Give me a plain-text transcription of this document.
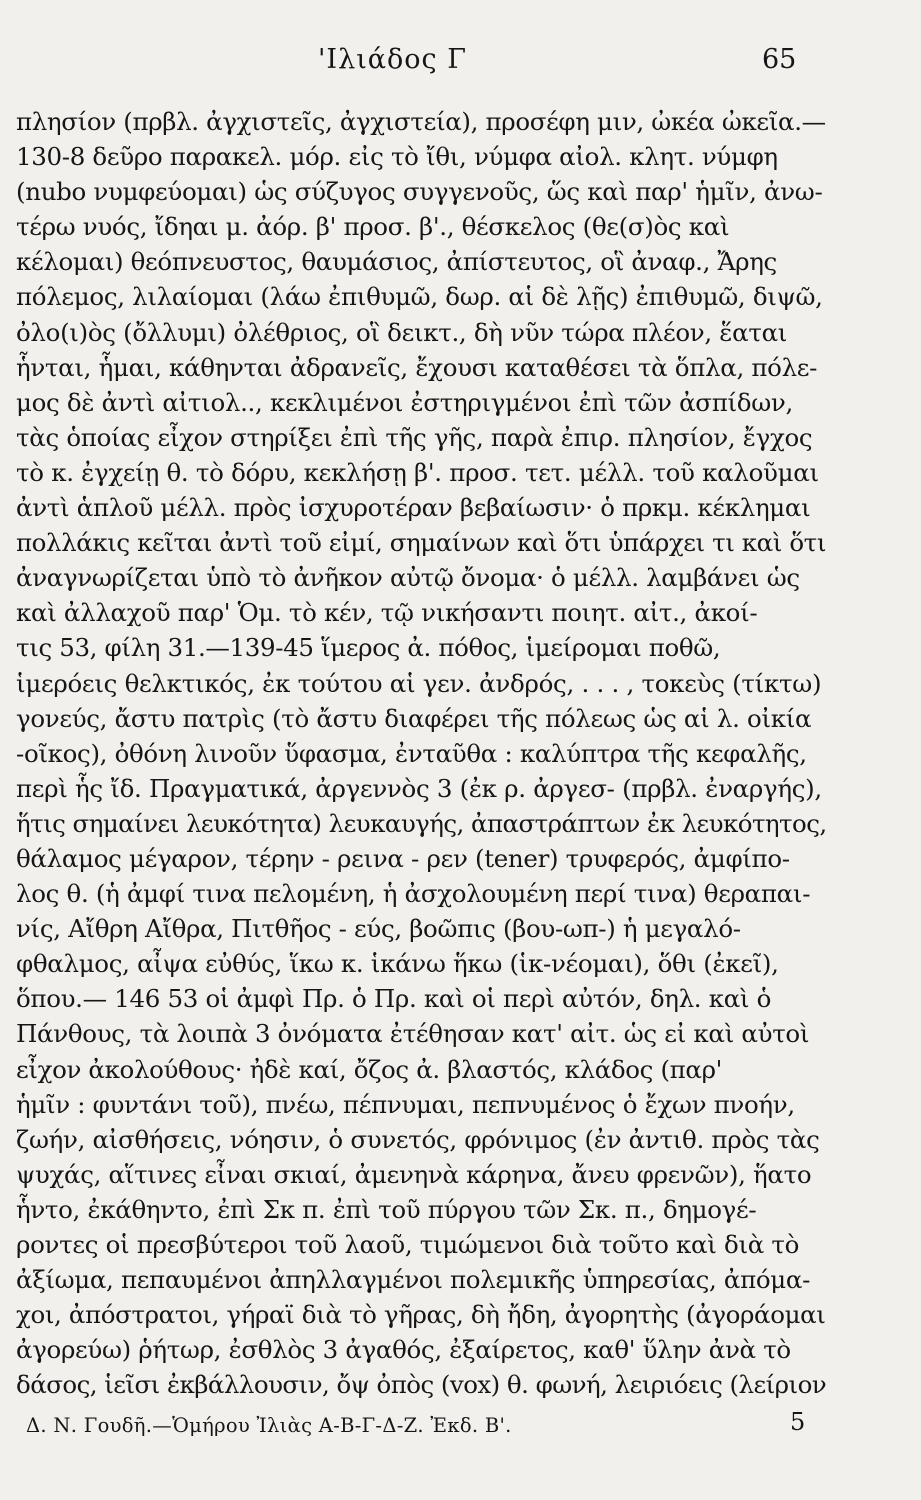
'Ιλιάδος Γ	65
πλησίον (πρβλ. ἀγχιστεῖς, ἀγχιστεία), προσέφη μιν, ὠκέα ὠκεῖα.—
130-8 δεῦρο παρακελ. μόρ. εἰς τὸ ἴθι, νύμφα αἰολ. κλητ. νύμφη
(nubo νυμφεύομαι) ὡς σύζυγος συγγενοῦς, ὥς καὶ παρ' ἡμῖν, ἀνω-
τέρω νυός, ἴδηαι μ. ἀόρ. β' προσ. β'., θέσκελος (θε(σ)ὸς καὶ
κέλομαι) θεόπνευστος, θαυμάσιος, ἀπίστευτος, οἳ ἀναφ., Ἄρης
πόλεμος, λιλαίομαι (λάω ἐπιθυμῶ, δωρ. αἱ δὲ λῇς) ἐπιθυμῶ, διψῶ,
ὀλο(ι)ὸς (ὄλλυμι) ὀλέθριος, οἳ δεικτ., δὴ νῦν τώρα πλέον, ἕαται
ἧνται, ἧμαι, κάθηνται ἀδρανεῖς, ἔχουσι καταθέσει τὰ ὅπλα, πόλε-
μος δὲ ἀντὶ αἰτιολ.., κεκλιμένοι ἐστηριγμένοι ἐπὶ τῶν ἀσπίδων,
τὰς ὁποίας εἶχον στηρίξει ἐπὶ τῆς γῆς, παρὰ ἐπιρ. πλησίον, ἔγχος
τὸ κ. ἐγχείῃ θ. τὸ δόρυ, κεκλήσῃ β'. προσ. τετ. μέλλ. τοῦ καλοῦμαι
ἀντὶ ἁπλοῦ μέλλ. πρὸς ἰσχυροτέραν βεβαίωσιν· ὁ πρκμ. κέκλημαι
πολλάκις κεῖται ἀντὶ τοῦ εἰμί, σημαίνων καὶ ὅτι ὑπάρχει τι καὶ ὅτι
ἀναγνωρίζεται ὑπὸ τὸ ἀνῆκον αὐτῷ ὄνομα· ὁ μέλλ. λαμβάνει ὡς
καὶ ἀλλαχοῦ παρ' Ὁμ. τὸ κέν, τῷ νικήσαντι ποιητ. αἰτ., ἀκοί-
τις 53, φίλη 31.—139-45 ἵμερος ἀ. πόθος, ἱμείρομαι ποθῶ,
ἱμερόεις θελκτικός, ἐκ τούτου αἱ γεν. ἀνδρός, . . . , τοκεὺς (τίκτω)
γονεύς, ἄστυ πατρὶς (τὸ ἄστυ διαφέρει τῆς πόλεως ὡς αἱ λ. οἰκία
-οῖκος), ὀθόνη λινοῦν ὕφασμα, ἐνταῦθα : καλύπτρα τῆς κεφαλῆς,
περὶ ἧς ἴδ. Πραγματικά, ἀργεννὸς 3 (ἐκ ρ. ἀργεσ- (πρβλ. ἐναργής),
ἥτις σημαίνει λευκότητα) λευκαυγής, ἀπαστράπτων ἐκ λευκότητος,
θάλαμος μέγαρον, τέρην - ρεινα - ρεν (tener) τρυφερός, ἀμφίπο-
λος θ. (ἡ ἀμφί τινα πελομένη, ἡ ἀσχολουμένη περί τινα) θεραπαι-
νίς, Αἴθρη Αἴθρα, Πιτθῆος - εύς, βοῶπις (βου-ωπ-) ἡ μεγαλό-
φθαλμος, αἶψα εὐθύς, ἵκω κ. ἱκάνω ἥκω (ἱκ-νέομαι), ὅθι (ἐκεῖ),
ὅπου.— 146 53 οἱ ἀμφὶ Πρ. ὁ Πρ. καὶ οἱ περὶ αὐτόν, δηλ. καὶ ὁ
Πάνθους, τὰ λοιπὰ 3 ὀνόματα ἐτέθησαν κατ' αἰτ. ὡς εἰ καὶ αὐτοὶ
εἶχον ἀκολούθους· ἠδὲ καί, ὄζος ἀ. βλαστός, κλάδος (παρ'
ἡμῖν : φυντάνι τοῦ), πνέω, πέπνυμαι, πεπνυμένος ὁ ἔχων πνοήν,
ζωήν, αἰσθήσεις, νόησιν, ὁ συνετός, φρόνιμος (ἐν ἀντιθ. πρὸς τὰς
ψυχάς, αἵτινες εἶναι σκιαί, ἀμενηνὰ κάρηνα, ἄνευ φρενῶν), ἥατο
ἧντο, ἐκάθηντο, ἐπὶ Σκ π. ἐπὶ τοῦ πύργου τῶν Σκ. π., δημογέ-
ροντες οἱ πρεσβύτεροι τοῦ λαοῦ, τιμώμενοι διὰ τοῦτο καὶ διὰ τὸ
ἀξίωμα, πεπαυμένοι ἀπηλλαγμένοι πολεμικῆς ὑπηρεσίας, ἀπόμα-
χοι, ἀπόστρατοι, γήραϊ διὰ τὸ γῆρας, δὴ ἤδη, ἀγορητὴς (ἀγοράομαι
ἀγορεύω) ῥήτωρ, ἐσθλὸς 3 ἀγαθός, ἐξαίρετος, καθ' ὕλην ἀνὰ τὸ
δάσος, ἱεῖσι ἐκβάλλουσιν, ὄψ ὀπὸς (vox) θ. φωνή, λειριόεις (λείριον
Δ. Ν. Γουδῆ.—Ὁμήρου Ἰλιὰς Α-Β-Γ-Δ-Ζ. Ἐκδ. Β'.	5
